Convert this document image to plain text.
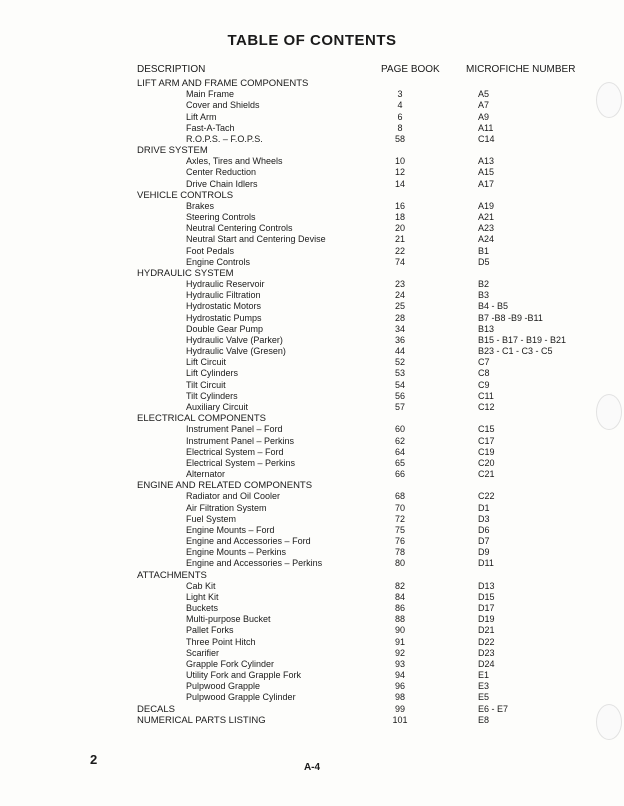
TABLE OF CONTENTS
DESCRIPTION	PAGE BOOK	MICROFICHE NUMBER
LIFT ARM AND FRAME COMPONENTS
Main Frame	3	A5
Cover and Shields	4	A7
Lift Arm	6	A9
Fast-A-Tach	8	A11
R.O.P.S. – F.O.P.S.	58	C14
DRIVE SYSTEM
Axles, Tires and Wheels	10	A13
Center Reduction	12	A15
Drive Chain Idlers	14	A17
VEHICLE CONTROLS
Brakes	16	A19
Steering Controls	18	A21
Neutral Centering Controls	20	A23
Neutral Start and Centering Devise	21	A24
Foot Pedals	22	B1
Engine Controls	74	D5
HYDRAULIC SYSTEM
Hydraulic Reservoir	23	B2
Hydraulic Filtration	24	B3
Hydrostatic Motors	25	B4 - B5
Hydrostatic Pumps	28	B7 -B8 -B9 -B11
Double Gear Pump	34	B13
Hydraulic Valve (Parker)	36	B15 - B17 - B19 - B21
Hydraulic Valve (Gresen)	44	B23 - C1 - C3 - C5
Lift Circuit	52	C7
Lift Cylinders	53	C8
Tilt Circuit	54	C9
Tilt Cylinders	56	C11
Auxiliary Circuit	57	C12
ELECTRICAL COMPONENTS
Instrument Panel – Ford	60	C15
Instrument Panel – Perkins	62	C17
Electrical System – Ford	64	C19
Electrical System – Perkins	65	C20
Alternator	66	C21
ENGINE AND RELATED COMPONENTS
Radiator and Oil Cooler	68	C22
Air Filtration System	70	D1
Fuel System	72	D3
Engine Mounts – Ford	75	D6
Engine and Accessories – Ford	76	D7
Engine Mounts – Perkins	78	D9
Engine and Accessories – Perkins	80	D11
ATTACHMENTS
Cab Kit	82	D13
Light Kit	84	D15
Buckets	86	D17
Multi-purpose Bucket	88	D19
Pallet Forks	90	D21
Three Point Hitch	91	D22
Scarifier	92	D23
Grapple Fork Cylinder	93	D24
Utility Fork and Grapple Fork	94	E1
Pulpwood Grapple	96	E3
Pulpwood Grapple Cylinder	98	E5
DECALS	99	E6 - E7
NUMERICAL PARTS LISTING	101	E8
2
A-4
